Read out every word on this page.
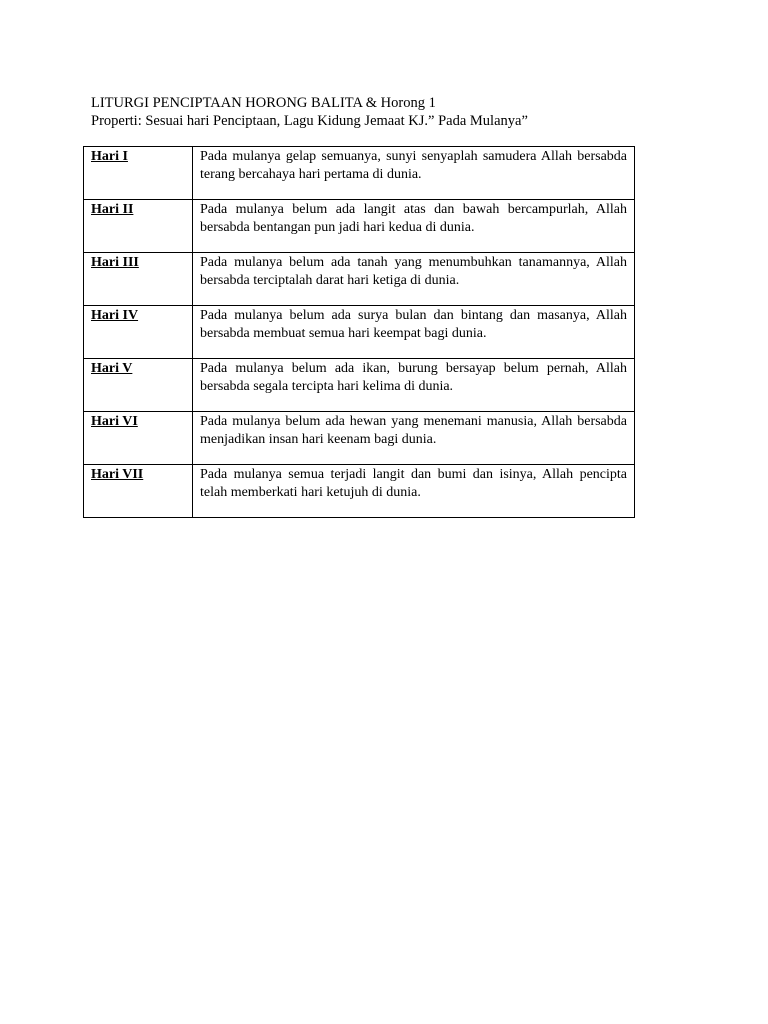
LITURGI PENCIPTAAN HORONG BALITA & Horong 1
Properti: Sesuai hari Penciptaan, Lagu Kidung Jemaat KJ.” Pada Mulanya”
Hari I	Pada mulanya gelap semuanya, sunyi senyaplah samudera Allah bersabda terang bercahaya hari pertama di dunia.
Hari II	Pada mulanya belum ada langit atas dan bawah bercampurlah, Allah bersabda bentangan pun jadi hari kedua di dunia.
Hari III	Pada mulanya belum ada tanah yang menumbuhkan tanamannya, Allah bersabda terciptalah darat hari ketiga di dunia.
Hari IV	Pada mulanya belum ada surya bulan dan bintang dan masanya, Allah bersabda membuat semua hari keempat bagi dunia.
Hari V	Pada mulanya belum ada ikan, burung bersayap belum pernah, Allah bersabda segala tercipta hari kelima di dunia.
Hari VI	Pada mulanya belum ada hewan yang menemani manusia, Allah bersabda menjadikan insan hari keenam bagi dunia.
Hari VII	Pada mulanya semua terjadi langit dan bumi dan isinya, Allah pencipta telah memberkati hari ketujuh di dunia.
